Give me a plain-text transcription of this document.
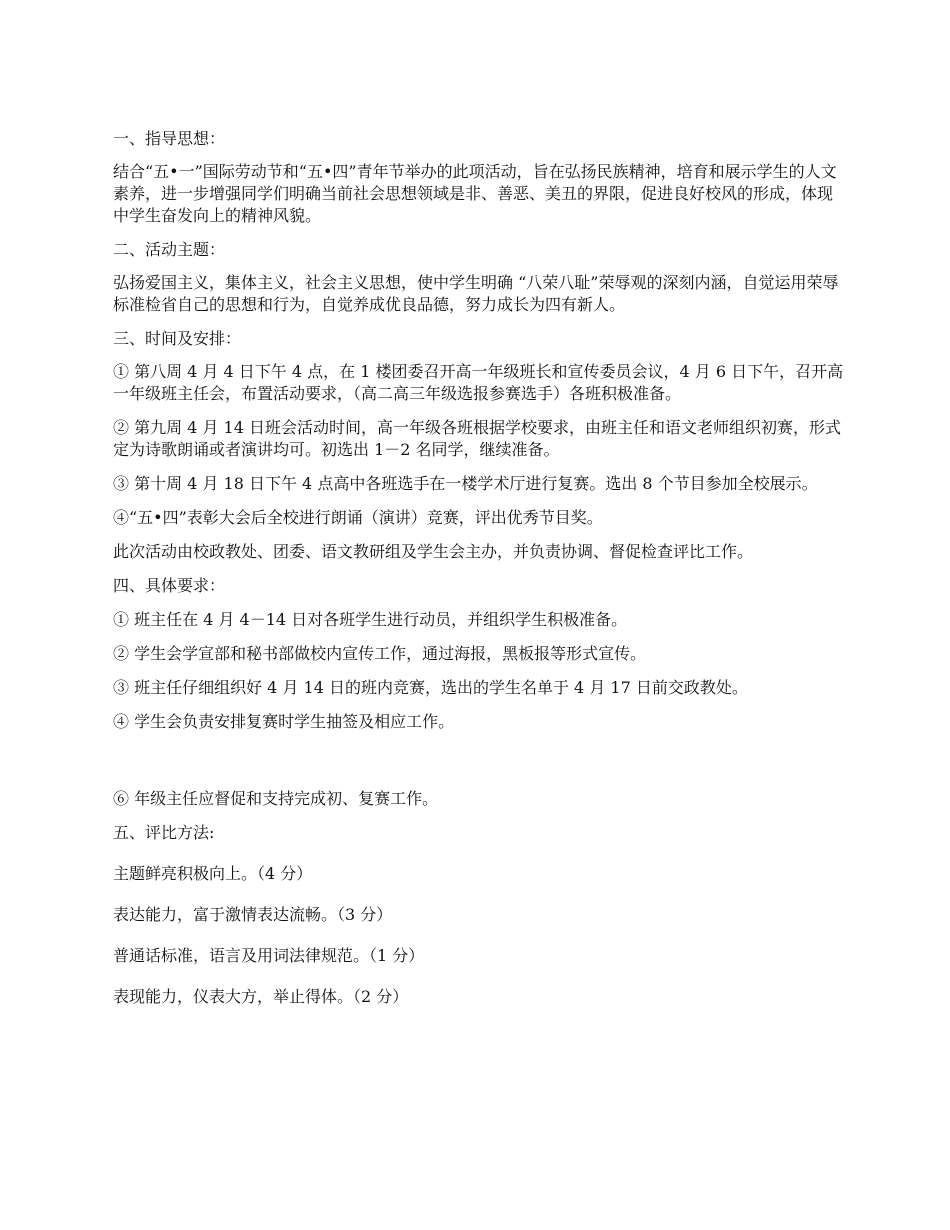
一、指导思想：

结合“五•一”国际劳动节和“五•四”青年节举办的此项活动，旨在弘扬民族精神，培育和展示学生的人文素养，进一步增强同学们明确当前社会思想领域是非、善恶、美丑的界限，促进良好校风的形成，体现中学生奋发向上的精神风貌。

二、活动主题：

弘扬爱国主义，集体主义，社会主义思想，使中学生明确 “八荣八耻”荣辱观的深刻内涵，自觉运用荣辱标准检省自己的思想和行为，自觉养成优良品德，努力成长为四有新人。

三、时间及安排：

① 第八周 4 月 4 日下午 4 点，在 1 楼团委召开高一年级班长和宣传委员会议，4 月 6 日下午，召开高一年级班主任会，布置活动要求，（高二高三年级选报参赛选手）各班积极准备。

② 第九周 4 月 14 日班会活动时间，高一年级各班根据学校要求，由班主任和语文老师组织初赛，形式定为诗歌朗诵或者演讲均可。初选出 1－2 名同学，继续准备。

③ 第十周 4 月 18 日下午 4 点高中各班选手在一楼学术厅进行复赛。选出 8 个节目参加全校展示。

④“五•四”表彰大会后全校进行朗诵（演讲）竞赛，评出优秀节目奖。

此次活动由校政教处、团委、语文教研组及学生会主办，并负责协调、督促检查评比工作。

四、具体要求：

① 班主任在 4 月 4－14 日对各班学生进行动员，并组织学生积极准备。

② 学生会学宣部和秘书部做校内宣传工作，通过海报，黑板报等形式宣传。

③ 班主任仔细组织好 4 月 14 日的班内竞赛，选出的学生名单于 4 月 17 日前交政教处。

④ 学生会负责安排复赛时学生抽签及相应工作。

⑥ 年级主任应督促和支持完成初、复赛工作。

五、评比方法:

主题鲜亮积极向上。（4 分）

表达能力，富于激情表达流畅。（3 分）

普通话标准，语言及用词法律规范。（1 分）

表现能力，仪表大方，举止得体。（2 分）
